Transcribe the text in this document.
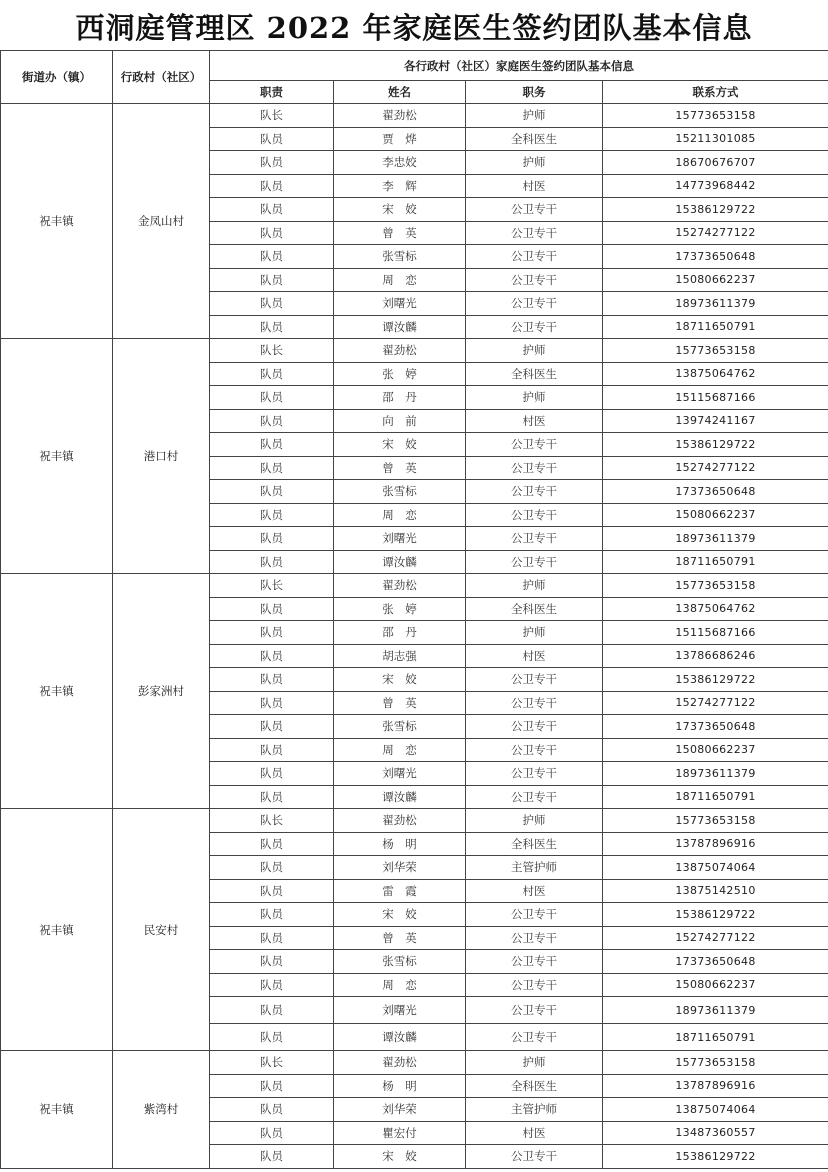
西洞庭管理区 2022 年家庭医生签约团队基本信息
街道办（镇）	行政村（社区）	各行政村（社区）家庭医生签约团队基本信息			
		职责	姓名	职务	联系方式
祝丰镇	金凤山村	队长	翟劲松	护师	15773653158
		队员	贾　烨	全科医生	15211301085
		队员	李忠姣	护师	18670676707
		队员	李　辉	村医	14773968442
		队员	宋　姣	公卫专干	15386129722
		队员	曾　英	公卫专干	15274277122
		队员	张雪标	公卫专干	17373650648
		队员	周　恋	公卫专干	15080662237
		队员	刘曙光	公卫专干	18973611379
		队员	谭汝麟	公卫专干	18711650791
祝丰镇	港口村	队长	翟劲松	护师	15773653158
		队员	张　婷	全科医生	13875064762
		队员	邵　丹	护师	15115687166
		队员	向　前	村医	13974241167
		队员	宋　姣	公卫专干	15386129722
		队员	曾　英	公卫专干	15274277122
		队员	张雪标	公卫专干	17373650648
		队员	周　恋	公卫专干	15080662237
		队员	刘曙光	公卫专干	18973611379
		队员	谭汝麟	公卫专干	18711650791
祝丰镇	彭家洲村	队长	翟劲松	护师	15773653158
		队员	张　婷	全科医生	13875064762
		队员	邵　丹	护师	15115687166
		队员	胡志强	村医	13786686246
		队员	宋　姣	公卫专干	15386129722
		队员	曾　英	公卫专干	15274277122
		队员	张雪标	公卫专干	17373650648
		队员	周　恋	公卫专干	15080662237
		队员	刘曙光	公卫专干	18973611379
		队员	谭汝麟	公卫专干	18711650791
祝丰镇	民安村	队长	翟劲松	护师	15773653158
		队员	杨　明	全科医生	13787896916
		队员	刘华荣	主管护师	13875074064
		队员	雷　霞	村医	13875142510
		队员	宋　姣	公卫专干	15386129722
		队员	曾　英	公卫专干	15274277122
		队员	张雪标	公卫专干	17373650648
		队员	周　恋	公卫专干	15080662237
		队员	刘曙光	公卫专干	18973611379
		队员	谭汝麟	公卫专干	18711650791
祝丰镇	紫湾村	队长	翟劲松	护师	15773653158
		队员	杨　明	全科医生	13787896916
		队员	刘华荣	主管护师	13875074064
		队员	瞿宏付	村医	13487360557
		队员	宋　姣	公卫专干	15386129722
